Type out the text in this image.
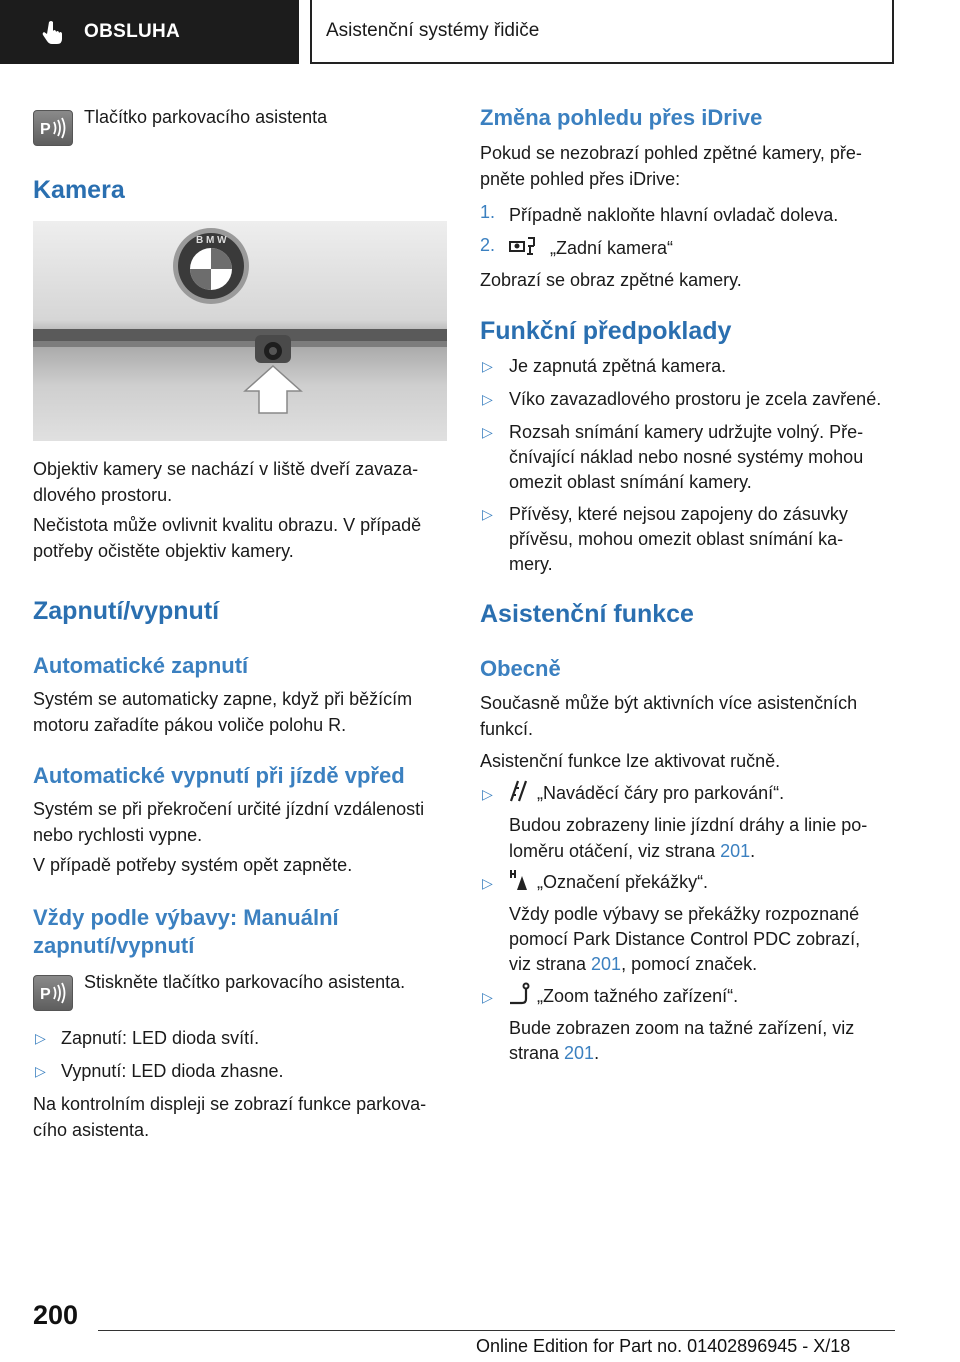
OBSLUHA	Asistenční systémy řidiče
P

Tlačítko parkovacího asistenta

Kamera
B M W

Objektiv kamery se nachází v liště dveří zavaza-

dlového prostoru.

Nečistota může ovlivnit kvalitu obrazu. V případě

potřeby očistěte objektiv kamery.

Zapnutí/vypnutí
Automatické zapnutí

Systém se automaticky zapne, když při běžícím

motoru zařadíte pákou voliče polohu R.

Automatické vypnutí při jízdě vpřed

Systém se při překročení určité jízdní vzdálenosti

nebo rychlosti vypne.

V případě potřeby systém opět zapněte.

Vždy podle výbavy: Manuální
zapnutí/vypnutí
P

Stiskněte tlačítko parkovacího asistenta.

▷ Zapnutí: LED dioda svítí.

▷ Vypnutí: LED dioda zhasne.

Na kontrolním displeji se zobrazí funkce parkova-

cího asistenta.

Změna pohledu přes iDrive

Pokud se nezobrazí pohled zpětné kamery, pře-

pněte pohled přes iDrive:

1. Případně nakloňte hlavní ovladač doleva.

2.	„Zadní kamera“

Zobrazí se obraz zpětné kamery.

Funkční předpoklady
▷ Je zapnutá zpětná kamera.

▷ Víko zavazadlového prostoru je zcela zavřené.

▷ Rozsah snímání kamery udržujte volný. Pře-

čnívající náklad nebo nosné systémy mohou

omezit oblast snímání kamery.

▷ Přívěsy, které nejsou zapojeny do zásuvky

přívěsu, mohou omezit oblast snímání ka-

mery.

Asistenční funkce
Obecně

Současně může být aktivních více asistenčních

funkcí.

Asistenční funkce lze aktivovat ručně.

▷ „Naváděcí čáry pro parkování“.

Budou zobrazeny linie jízdní dráhy a linie po-

loměru otáčení, viz strana 201.

▷ „Označení překážky“.

Vždy podle výbavy se překážky rozpoznané

pomocí Park Distance Control PDC zobrazí,

viz strana 201, pomocí značek.

▷ „Zoom tažného zařízení“.

Bude zobrazen zoom na tažné zařízení, viz

strana 201.

200
Online Edition for Part no. 01402896945 - X/18
